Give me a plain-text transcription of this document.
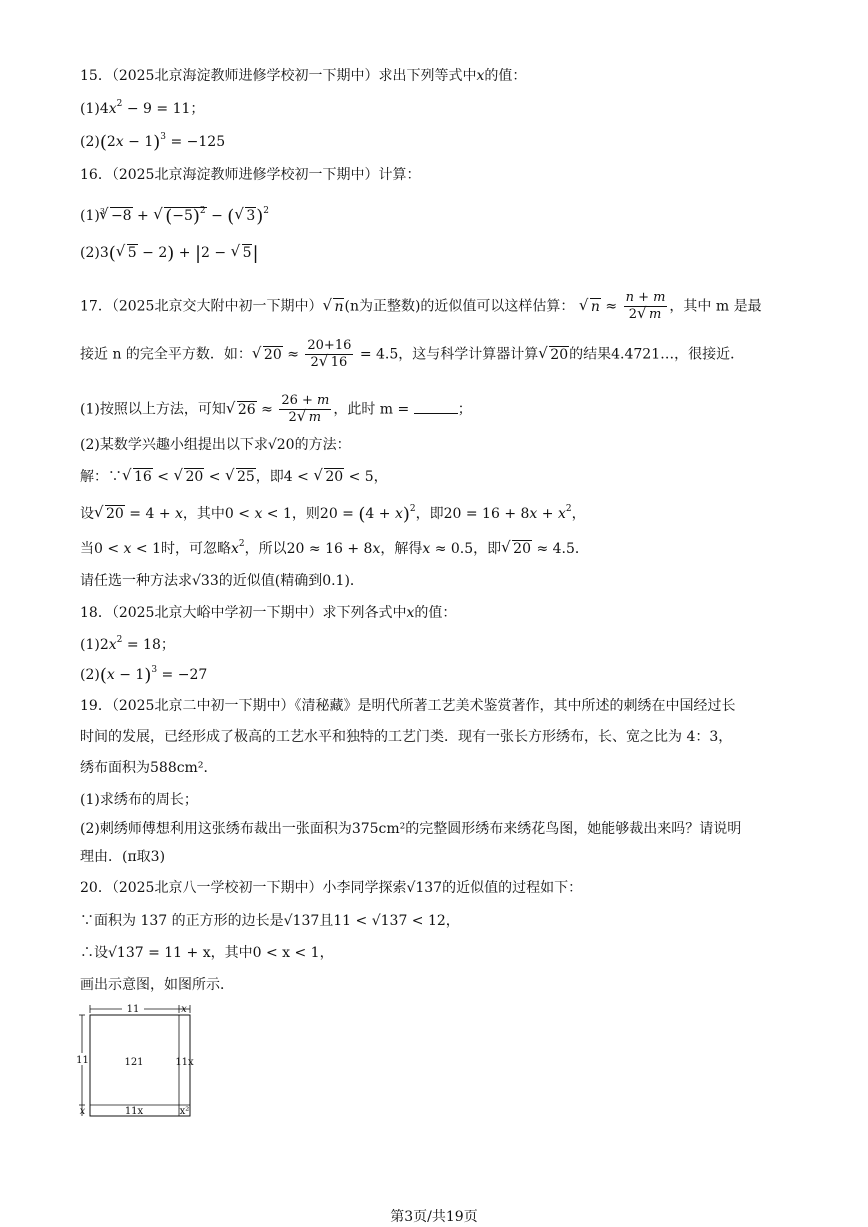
15．（2025北京海淀教师进修学校初一下期中）求出下列等式中x的值：
$(1)4x^2 - 9 = 11$；
$(2)(2x - 1)^3 = -125$
16．（2025北京海淀教师进修学校初一下期中）计算：
$(1)^3√ -8$ + √ $(-5)^2$ − (√ 3)$^2$
(2)3(√ 5 − 2) + |2 − √ 5|
17．（2025北京交大附中初一下期中）√ n(n为正整数)的近似值可以这样估算： √ $n \approx \frac{n + m}{2√ m}$ ，其中 m 是最
接近 n 的完全平方数．如：√ $20 \approx \frac{20+16}{2√ 16} = 4.5$，这与科学计算器计算√ 20的结果4.4721…，很接近．
(1)按照以上方法，可知√ $26 \approx \frac{26 + m}{2√ m}$ ，此时 m =	；
(2)某数学兴趣小组提出以下求√20的方法：
解：∵√ 16 < √ 20 < √ 25，即4 < √ 20 < 5，
设√ 20 = 4 + x，其中0 < x < 1，则$20 = (4 + x)^2$，即$20 = 16 + 8x + x^2$，
当0 < x < 1时，可忽略$x^2$，所以20 ≈ 16 + 8x，解得x ≈ 0.5，即√ 20 ≈ 4.5．
请任选一种方法求√33的近似值(精确到0.1)．
18．（2025北京大峪中学初一下期中）求下列各式中x的值：
$(1)2x^2 = 18$；
$(2)(x - 1)^3 = -27$
19．（2025北京二中初一下期中）《清秘藏》是明代所著工艺美术鉴赏著作，其中所述的刺绣在中国经过长
时间的发展，已经形成了极高的工艺水平和独特的工艺门类．现有一张长方形绣布，长、宽之比为 4：3，
绣布面积为588cm²．
(1)求绣布的周长；
(2)刺绣师傅想利用这张绣布裁出一张面积为375cm²的完整圆形绣布来绣花鸟图，她能够裁出来吗？请说明
理由．(π取3)
20．（2025北京八一学校初一下期中）小李同学探索√137的近似值的过程如下：
∵面积为 137 的正方形的边长是√137且11 < √137 < 12，
∴设√137 = 11 + x，其中0 < x < 1，
画出示意图，如图所示．
11	x
11
x
121	11x
11x	x²
第3页/共19页
